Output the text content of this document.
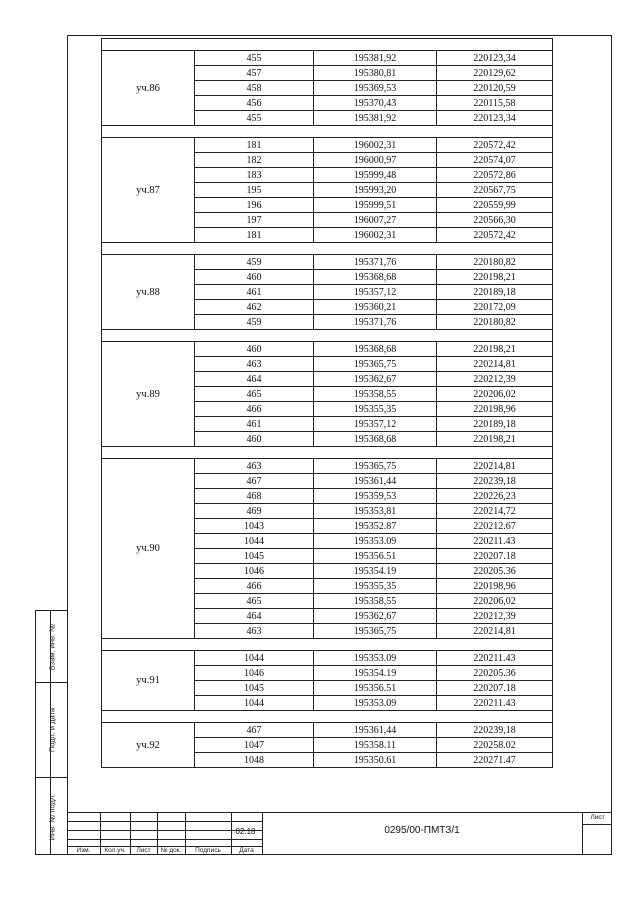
Взам. инв. №
Подп. и дата
Инв. № подл.

уч.86	455	195381,92	220123,34
	457	195380,81	220129,62
	458	195369,53	220120,59
	456	195370,43	220115,58
	455	195381,92	220123,34

уч.87	181	196002,31	220572,42
	182	196000,97	220574,07
	183	195999,48	220572,86
	195	195993,20	220567,75
	196	195999,51	220559,99
	197	196007,27	220566,30
	181	196002,31	220572,42

уч.88	459	195371,76	220180,82
	460	195368,68	220198,21
	461	195357,12	220189,18
	462	195360,21	220172,09
	459	195371,76	220180,82

уч.89	460	195368,68	220198,21
	463	195365,75	220214,81
	464	195362,67	220212,39
	465	195358,55	220206,02
	466	195355,35	220198,96
	461	195357,12	220189,18
	460	195368,68	220198,21

уч.90	463	195365,75	220214,81
	467	195361,44	220239,18
	468	195359,53	220226,23
	469	195353,81	220214,72
	1043	195352.87	220212.67
	1044	195353.09	220211.43
	1045	195356.51	220207.18
	1046	195354.19	220205.36
	466	195355,35	220198,96
	465	195358,55	220206,02
	464	195362,67	220212,39
	463	195365,75	220214,81

уч.91	1044	195353.09	220211.43
	1046	195354.19	220205.36
	1045	195356.51	220207.18
	1044	195353.09	220211.43

уч.92	467	195361,44	220239,18
	1047	195358.11	220258.02
	1048	195350.61	220271.47
Изм.	Кол.уч.	Лист	№ док.	Подпись	Дата
02.18	0295/00-ПМТЗ/1
Лист
